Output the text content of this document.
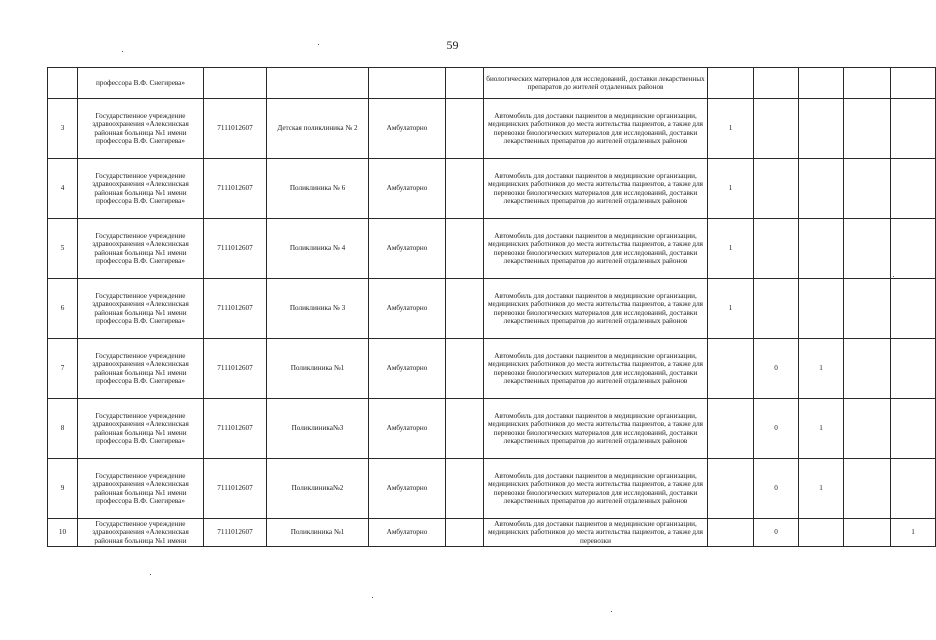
59
	профессора В.Ф. Снегирева»					биологических материалов для исследований, доставки лекарственных препаратов до жителей отдаленных районов					
3	Государственное учреждение здравоохранения «Алексинская районная больница №1 имени профессора В.Ф. Снегирева»	7111012607	Детская поликлиника № 2	Амбулаторно		Автомобиль для доставки пациентов в медицинские организации, медицинских работников до места жительства пациентов, а также для перевозки биологических материалов для исследований, доставки лекарственных препаратов до жителей отдаленных районов	1				
4	Государственное учреждение здравоохранения «Алексинская районная больница №1 имени профессора В.Ф. Снегирева»	7111012607	Поликлиника № 6	Амбулаторно		Автомобиль для доставки пациентов в медицинские организации, медицинских работников до места жительства пациентов, а также для перевозки биологических материалов для исследований, доставки лекарственных препаратов до жителей отдаленных районов	1				
5	Государственное учреждение здравоохранения «Алексинская районная больница №1 имени профессора В.Ф. Снегирева»	7111012607	Поликлиника № 4	Амбулаторно		Автомобиль для доставки пациентов в медицинские организации, медицинских работников до места жительства пациентов, а также для перевозки биологических материалов для исследований, доставки лекарственных препаратов до жителей отдаленных районов	1				
6	Государственное учреждение здравоохранения «Алексинская районная больница №1 имени профессора В.Ф. Снегирева»	7111012607	Поликлиника № 3	Амбулаторно		Автомобиль для доставки пациентов в медицинские организации, медицинских работников до места жительства пациентов, а также для перевозки биологических материалов для исследований, доставки лекарственных препаратов до жителей отдаленных районов	1				
7	Государственное учреждение здравоохранения «Алексинская районная больница №1 имени профессора В.Ф. Снегирева»	7111012607	Поликлиника №1	Амбулаторно		Автомобиль для доставки пациентов в медицинские организации, медицинских работников до места жительства пациентов, а также для перевозки биологических материалов для исследований, доставки лекарственных препаратов до жителей отдаленных районов		0	1		
8	Государственное учреждение здравоохранения «Алексинская районная больница №1 имени профессора В.Ф. Снегирева»	7111012607	Поликлиника№3	Амбулаторно		Автомобиль для доставки пациентов в медицинские организации, медицинских работников до места жительства пациентов, а также для перевозки биологических материалов для исследований, доставки лекарственных препаратов до жителей отдаленных районов		0	1		
9	Государственное учреждение здравоохранения «Алексинская районная больница №1 имени профессора В.Ф. Снегирева»	7111012607	Поликлиника№2	Амбулаторно		Автомобиль для доставки пациентов в медицинские организации, медицинских работников до места жительства пациентов, а также для перевозки биологических материалов для исследований, доставки лекарственных препаратов до жителей отдаленных районов		0	1		
10	Государственное учреждение здравоохранения «Алексинская районная больница №1 имени	7111012607	Поликлиника №1	Амбулаторно		Автомобиль для доставки пациентов в медицинские организации, медицинских работников до места жительства пациентов, а также для перевозки		0			1
